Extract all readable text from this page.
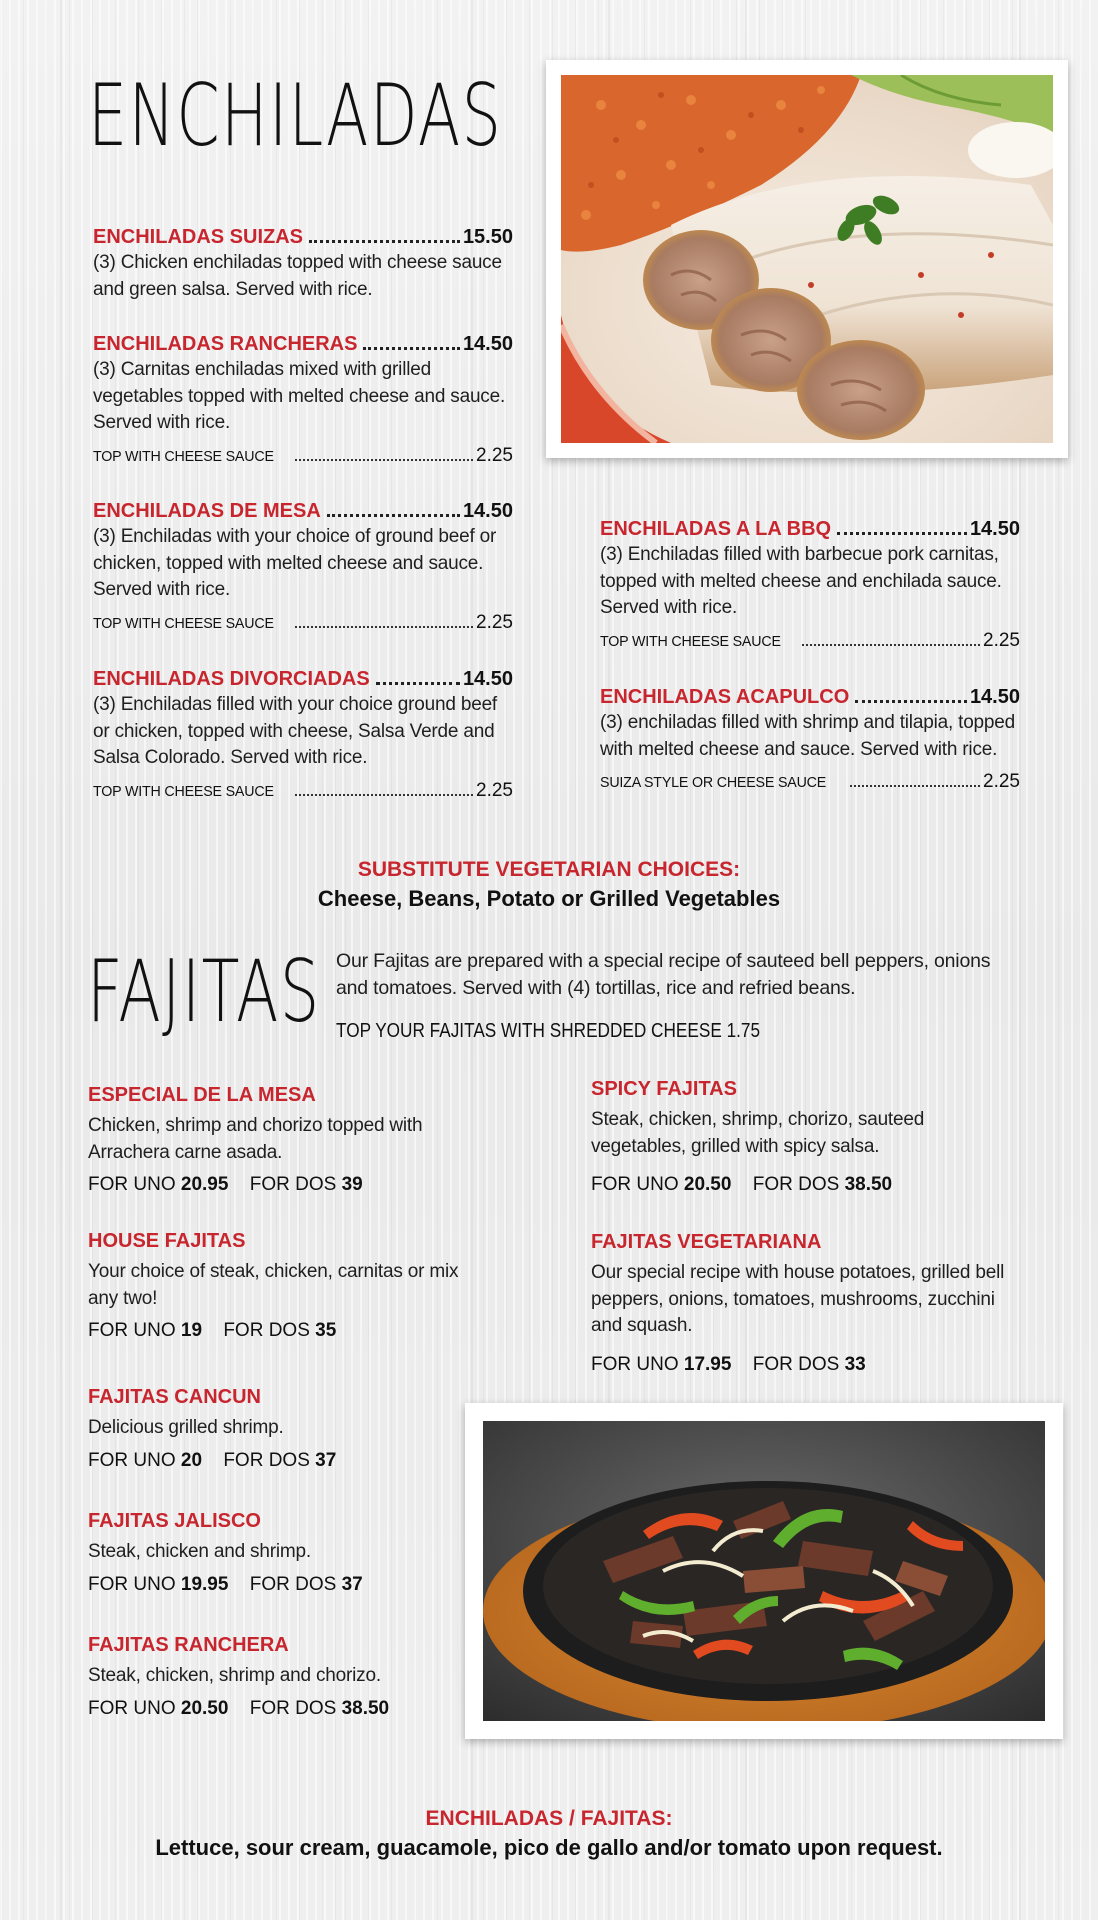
ENCHILADAS
ENCHILADAS SUIZAS	15.50
(3) Chicken enchiladas topped with cheese sauce and green salsa. Served with rice.
ENCHILADAS RANCHERAS	14.50
(3) Carnitas enchiladas mixed with grilled vegetables topped with melted cheese and sauce. Served with rice.
TOP WITH CHEESE SAUCE	2.25
ENCHILADAS DE MESA	14.50
(3) Enchiladas with your choice of ground beef or chicken, topped with melted cheese and sauce. Served with rice.
TOP WITH CHEESE SAUCE	2.25
ENCHILADAS DIVORCIADAS	14.50
(3) Enchiladas filled with your choice ground beef or chicken, topped with cheese, Salsa Verde and Salsa Colorado. Served with rice.
TOP WITH CHEESE SAUCE	2.25
ENCHILADAS A LA BBQ	14.50
(3) Enchiladas filled with barbecue pork carnitas, topped with melted cheese and enchilada sauce. Served with rice.
TOP WITH CHEESE SAUCE	2.25
ENCHILADAS ACAPULCO	14.50
(3) enchiladas filled with shrimp and tilapia, topped with melted cheese and sauce. Served with rice.
SUIZA STYLE OR CHEESE SAUCE	2.25
SUBSTITUTE VEGETARIAN CHOICES:
Cheese, Beans, Potato or Grilled Vegetables
FAJITAS Our Fajitas are prepared with a special recipe of sauteed bell peppers, onions and tomatoes. Served with (4) tortillas, rice and refried beans.
TOP YOUR FAJITAS WITH SHREDDED CHEESE 1.75
ESPECIAL DE LA MESA
Chicken, shrimp and chorizo topped with Arrachera carne asada.
FOR UNO 20.95 FOR DOS 39
HOUSE FAJITAS
Your choice of steak, chicken, carnitas or mix any two!
FOR UNO 19 FOR DOS 35
FAJITAS CANCUN
Delicious grilled shrimp.
FOR UNO 20 FOR DOS 37
FAJITAS JALISCO
Steak, chicken and shrimp.
FOR UNO 19.95 FOR DOS 37
FAJITAS RANCHERA
Steak, chicken, shrimp and chorizo.
FOR UNO 20.50 FOR DOS 38.50
SPICY FAJITAS
Steak, chicken, shrimp, chorizo, sauteed vegetables, grilled with spicy salsa.
FOR UNO 20.50 FOR DOS 38.50
FAJITAS VEGETARIANA
Our special recipe with house potatoes, grilled bell peppers, onions, tomatoes, mushrooms, zucchini and squash.
FOR UNO 17.95 FOR DOS 33
ENCHILADAS / FAJITAS:
Lettuce, sour cream, guacamole, pico de gallo and/or tomato upon request.
